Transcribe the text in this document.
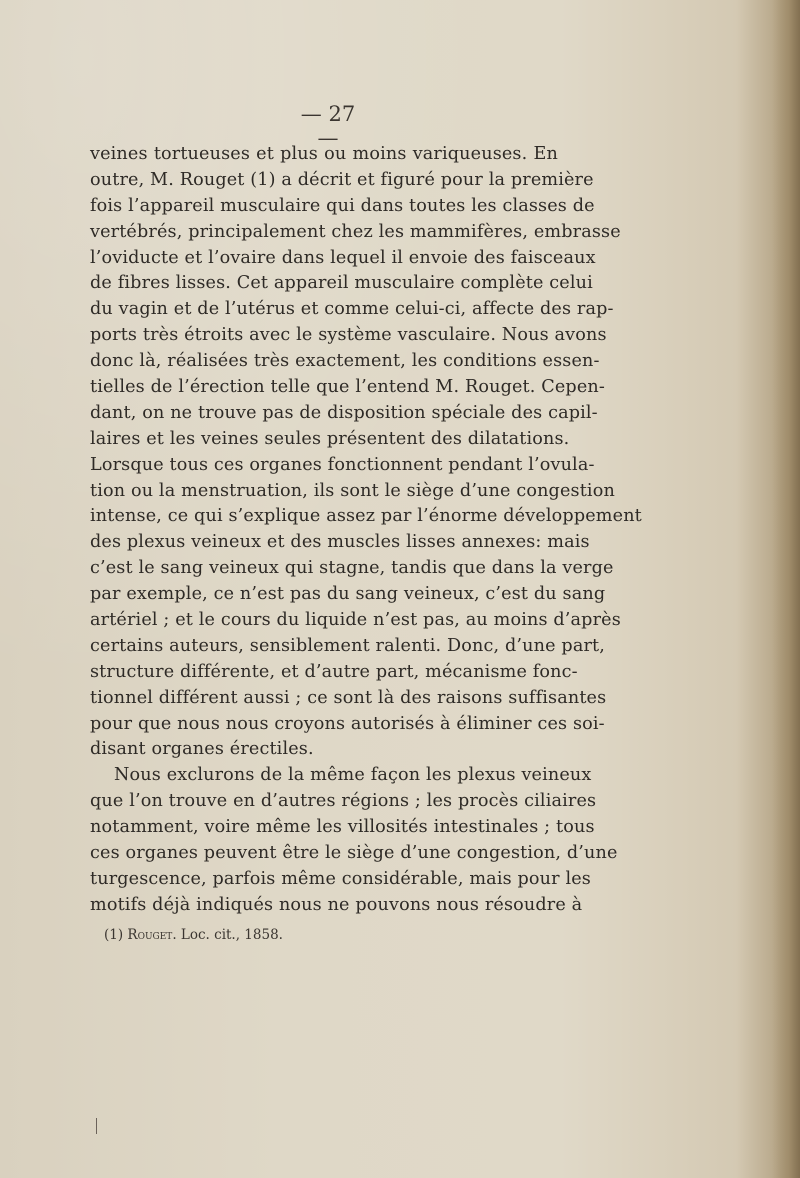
— 27 —
veines tortueuses et plus ou moins variqueuses. En
outre, M. Rouget (1) a décrit et figuré pour la première
fois l’appareil musculaire qui dans toutes les classes de
vertébrés, principalement chez les mammifères, embrasse
l’oviducte et l’ovaire dans lequel il envoie des faisceaux
de fibres lisses. Cet appareil musculaire complète celui
du vagin et de l’utérus et comme celui-ci, affecte des rap-
ports très étroits avec le système vasculaire. Nous avons
donc là, réalisées très exactement, les conditions essen-
tielles de l’érection telle que l’entend M. Rouget. Cepen-
dant, on ne trouve pas de disposition spéciale des capil-
laires et les veines seules présentent des dilatations.
Lorsque tous ces organes fonctionnent pendant l’ovula-
tion ou la menstruation, ils sont le siège d’une congestion
intense, ce qui s’explique assez par l’énorme développement
des plexus veineux et des muscles lisses annexes: mais
c’est le sang veineux qui stagne, tandis que dans la verge
par exemple, ce n’est pas du sang veineux, c’est du sang
artériel ; et le cours du liquide n’est pas, au moins d’après
certains auteurs, sensiblement ralenti. Donc, d’une part,
structure différente, et d’autre part, mécanisme fonc-
tionnel différent aussi ; ce sont là des raisons suffisantes
pour que nous nous croyons autorisés à éliminer ces soi-
disant organes érectiles.
Nous exclurons de la même façon les plexus veineux
que l’on trouve en d’autres régions ; les procès ciliaires
notamment, voire même les villosités intestinales ; tous
ces organes peuvent être le siège d’une congestion, d’une
turgescence, parfois même considérable, mais pour les
motifs déjà indiqués nous ne pouvons nous résoudre à
(1) Rouget. Loc. cit., 1858.
